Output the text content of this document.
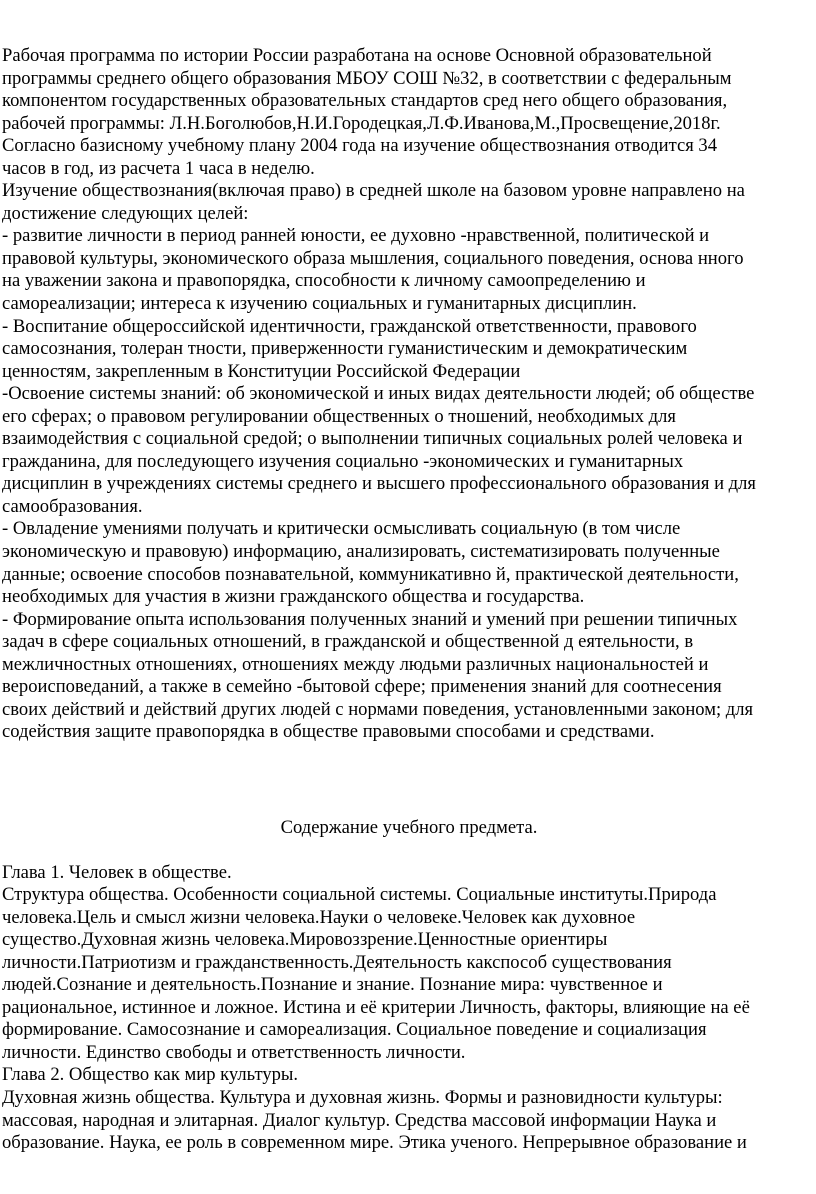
Рабочая программа по истории России разработана на основе Основной образовательной
программы среднего общего образования МБОУ СОШ №32, в соответствии с федеральным
компонентом государственных образовательных стандартов сред него общего образования,
рабочей программы: Л.Н.Боголюбов,Н.И.Городецкая,Л.Ф.Иванова,М.,Просвещение,2018г.
Согласно базисному учебному плану 2004 года на изучение обществознания отводится 34
часов в год, из расчета 1 часа в неделю.
Изучение обществознания(включая право) в средней школе на базовом уровне направлено на
достижение следующих целей:
- развитие личности в период ранней юности, ее духовно -нравственной, политической и
правовой культуры, экономического образа мышления, социального поведения, основа нного
на уважении закона и правопорядка, способности к личному самоопределению и
самореализации; интереса к изучению социальных и гуманитарных дисциплин.
- Воспитание общероссийской идентичности, гражданской ответственности, правового
самосознания, толеран тности, приверженности гуманистическим и демократическим
ценностям, закрепленным в Конституции Российской Федерации
-Освоение системы знаний: об экономической и иных видах деятельности людей; об обществе
его сферах; о правовом регулировании общественных о тношений, необходимых для
взаимодействия с социальной средой; о выполнении типичных социальных ролей человека и
гражданина, для последующего изучения социально -экономических и гуманитарных
дисциплин в учреждениях системы среднего и высшего профессионального образования и для
самообразования.
- Овладение умениями получать и критически осмысливать социальную (в том числе
экономическую и правовую) информацию, анализировать, систематизировать полученные
данные; освоение способов познавательной, коммуникативно й, практической деятельности,
необходимых для участия в жизни гражданского общества и государства.
- Формирование опыта использования полученных знаний и умений при решении типичных
задач в сфере социальных отношений, в гражданской и общественной д еятельности, в
межличностных отношениях, отношениях между людьми различных национальностей и
вероисповеданий, а также в семейно -бытовой сфере; применения знаний для соотнесения
своих действий и действий других людей с нормами поведения, установленными законом; для
содействия защите правопорядка в обществе правовыми способами и средствами.
Содержание учебного предмета.
Глава 1. Человек в обществе.
Структура общества. Особенности социальной системы. Социальные институты.Природа
человека.Цель и смысл жизни человека.Науки о человеке.Человек как духовное
существо.Духовная жизнь человека.Мировоззрение.Ценностные ориентиры
личности.Патриотизм и гражданственность.Деятельность какспособ существования
людей.Сознание и деятельность.Познание и знание. Познание мира: чувственное и
рациональное, истинное и ложное. Истина и её критерии Личность, факторы, влияющие на её
формирование. Самосознание и самореализация. Социальное поведение и социализация
личности. Единство свободы и ответственность личности.
Глава 2. Общество как мир культуры.
Духовная жизнь общества. Культура и духовная жизнь. Формы и разновидности культуры:
массовая, народная и элитарная. Диалог культур. Средства массовой информации Наука и
образование. Наука, ее роль в современном мире. Этика ученого. Непрерывное образование и
